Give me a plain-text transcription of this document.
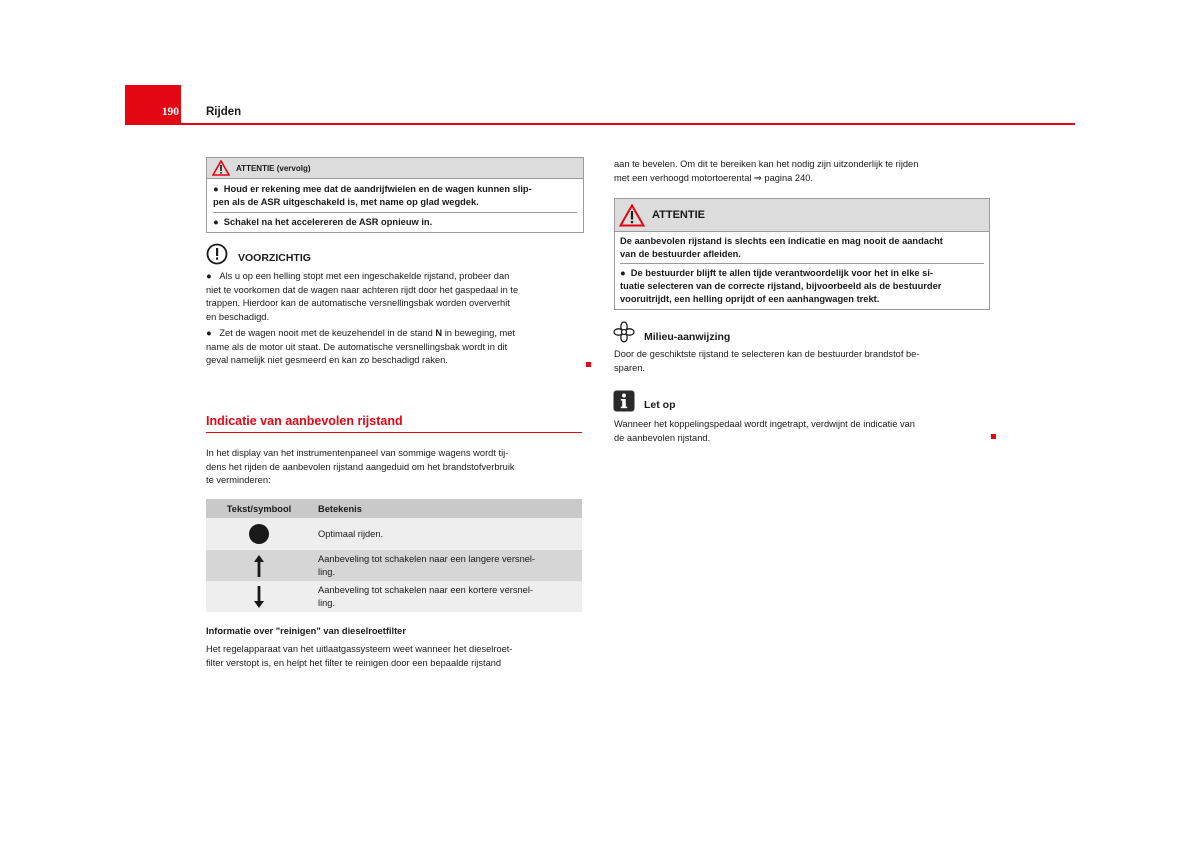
190 Rijden
ATTENTIE (vervolg)
●  Houd er rekening mee dat de aandrijfwielen en de wagen kunnen slip-
pen als de ASR uitgeschakeld is, met name op glad wegdek.
●  Schakel na het accelereren de ASR opnieuw in.
VOORZICHTIG

●   Als u op een helling stopt met een ingeschakelde rijstand, probeer dan

niet te voorkomen dat de wagen naar achteren rijdt door het gaspedaal in te

trappen. Hierdoor kan de automatische versnellingsbak worden oververhit

en beschadigd.

●   Zet de wagen nooit met de keuzehendel in de stand N in beweging, met

name als de motor uit staat. De automatische versnellingsbak wordt in dit

geval namelijk niet gesmeerd en kan zo beschadigd raken.

Indicatie van aanbevolen rijstand

In het display van het instrumentenpaneel van sommige wagens wordt tij-

dens het rijden de aanbevolen rijstand aangeduid om het brandstofverbruik

te verminderen:

Tekst/symbool	Betekenis

Optimaal rijden.

Aanbeveling tot schakelen naar een langere versnel-
ling.

Aanbeveling tot schakelen naar een kortere versnel-
ling.
Informatie over "reinigen" van dieselroetfilter

Het regelapparaat van het uitlaatgassysteem weet wanneer het dieselroet-

filter verstopt is, en helpt het filter te reinigen door een bepaalde rijstand

aan te bevelen. Om dit te bereiken kan het nodig zijn uitzonderlijk te rijden

met een verhoogd motortoerental ⇒ pagina 240.

ATTENTIE
De aanbevolen rijstand is slechts een indicatie en mag nooit de aandacht
van de bestuurder afleiden.
●  De bestuurder blijft te allen tijde verantwoordelijk voor het in elke si-
tuatie selecteren van de correcte rijstand, bijvoorbeeld als de bestuurder
vooruitrijdt, een helling oprijdt of een aanhangwagen trekt.
Milieu-aanwijzing

Door de geschiktste rijstand te selecteren kan de bestuurder brandstof be-

sparen.

Let op

Wanneer het koppelingspedaal wordt ingetrapt, verdwijnt de indicatie van

de aanbevolen rijstand.
